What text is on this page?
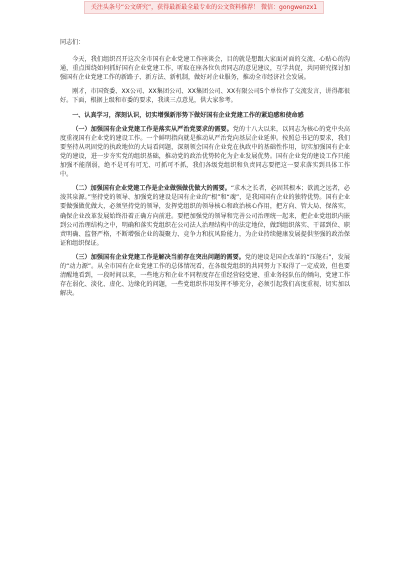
关注头条号“公文研究”，获得最新最全最专业的公文资料推荐！ 微信：gongwenzx1

同志们：

今天，我们组织召开这次全市国有企业党建工作座谈会，目的就是想跟大家面对面的交流、心贴心的沟通，重点围绕如何抓好国有企业党建工作，听取在座各位负责同志的意见建议，互学共促，共同研究探讨加强国有企业党建工作的新路子、新方法、新机制，做好对企业服务，推动全市经济社会发展。

刚才，市国资委、XX公司、XX集团公司、XX集团公司、XX有限公司5个单位作了交流发言，讲得都很好。下面，根据上级和市委的要求，我谈三点意见，供大家参考。

一、认真学习，深刻认识，切实增强新形势下做好国有企业党建工作的紧迫感和使命感

（一）加强国有企业党建工作是落实从严治党要求的需要。党的十八大以来，以同志为核心的党中央高度重视国有企业党的建设工作。一个鲜明指向就是推动从严治党向基层企业延伸。按照总书记的要求，我们要坚持从巩固党的执政地位的大局看问题，深刻领会国有企业党在执政中的基础性作用，切实加强国有企业党的建设，进一步夯实党的组织基础，推动党的政治优势转化为企业发展优势。国有企业党的建设工作只能加强不能削弱，绝不是可有可无、可抓可不抓，我们各级党组织和负责同志要把这一要求落实到具体工作中。

（二）加强国有企业党建工作是企业做强做优做大的需要。“求木之长者，必固其根本；欲流之远者，必浚其泉源。”坚持党的领导、加强党的建设是国有企业的“根”和“魂”，是我国国有企业的独特优势。国有企业要做强做优做大，必须坚持党的领导，发挥党组织的领导核心和政治核心作用，把方向、管大局、保落实，确保企业改革发展始终沿着正确方向前进。要把加强党的领导和完善公司治理统一起来，把企业党组织内嵌到公司治理结构之中，明确和落实党组织在公司法人治理结构中的法定地位，做到组织落实、干部到位、职责明确、监督严格，不断增强企业的凝聚力、竞争力和抗风险能力，为企业持续健康发展提供坚强的政治保证和组织保证。

（三）加强国有企业党建工作是解决当前存在突出问题的需要。党的建设是国企改革的“压舱石”，发展的“动力源”。从全市国有企业党建工作的总体情况看，在各级党组织的共同努力下取得了一定成效，但也要清醒地看到，一段时间以来，一些地方和企业不同程度存在重经营轻党建、重业务轻队伍的倾向，党建工作存在弱化、淡化、虚化、边缘化的问题，一些党组织作用发挥不够充分，必须引起我们高度重视，切实加以解决。
